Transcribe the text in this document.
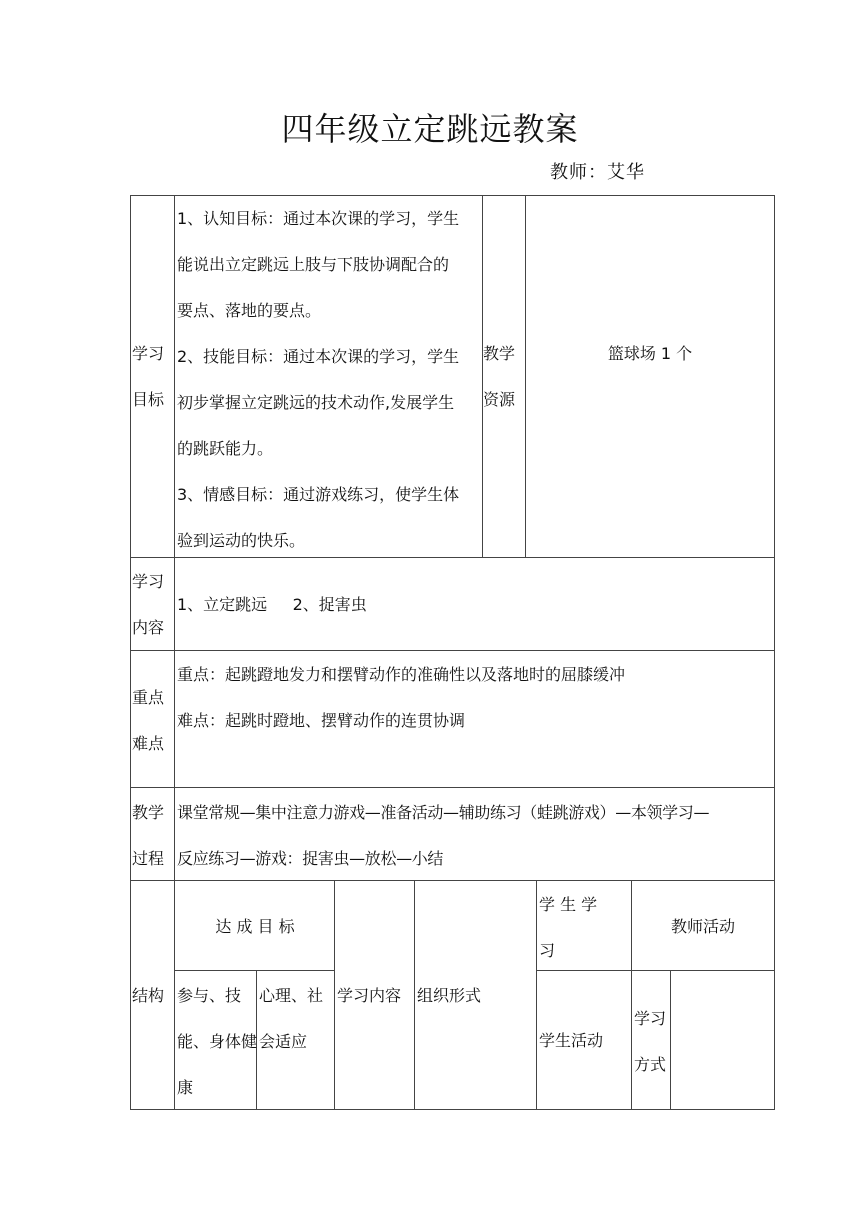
四年级立定跳远教案
教师：艾华
学习
目标
1、认知目标：通过本次课的学习，学生
能说出立定跳远上肢与下肢协调配合的
要点、落地的要点。
2、技能目标：通过本次课的学习，学生
初步掌握立定跳远的技术动作,发展学生
的跳跃能力。
3、情感目标：通过游戏练习，使学生体
验到运动的快乐。
教学
资源
篮球场 1 个
学习
内容
1、立定跳远     2、捉害虫
重点
难点
重点：起跳蹬地发力和摆臂动作的准确性以及落地时的屈膝缓冲
难点：起跳时蹬地、摆臂动作的连贯协调
教学
过程
课堂常规—集中注意力游戏—准备活动—辅助练习（蛙跳游戏）—本领学习—
反应练习—游戏：捉害虫—放松—小结
结构
达 成 目 标
参与、技
能、身体健
康
心理、社
会适应
学习内容 组织形式
学 生 学
习
教师活动
学生活动
学习
方式
